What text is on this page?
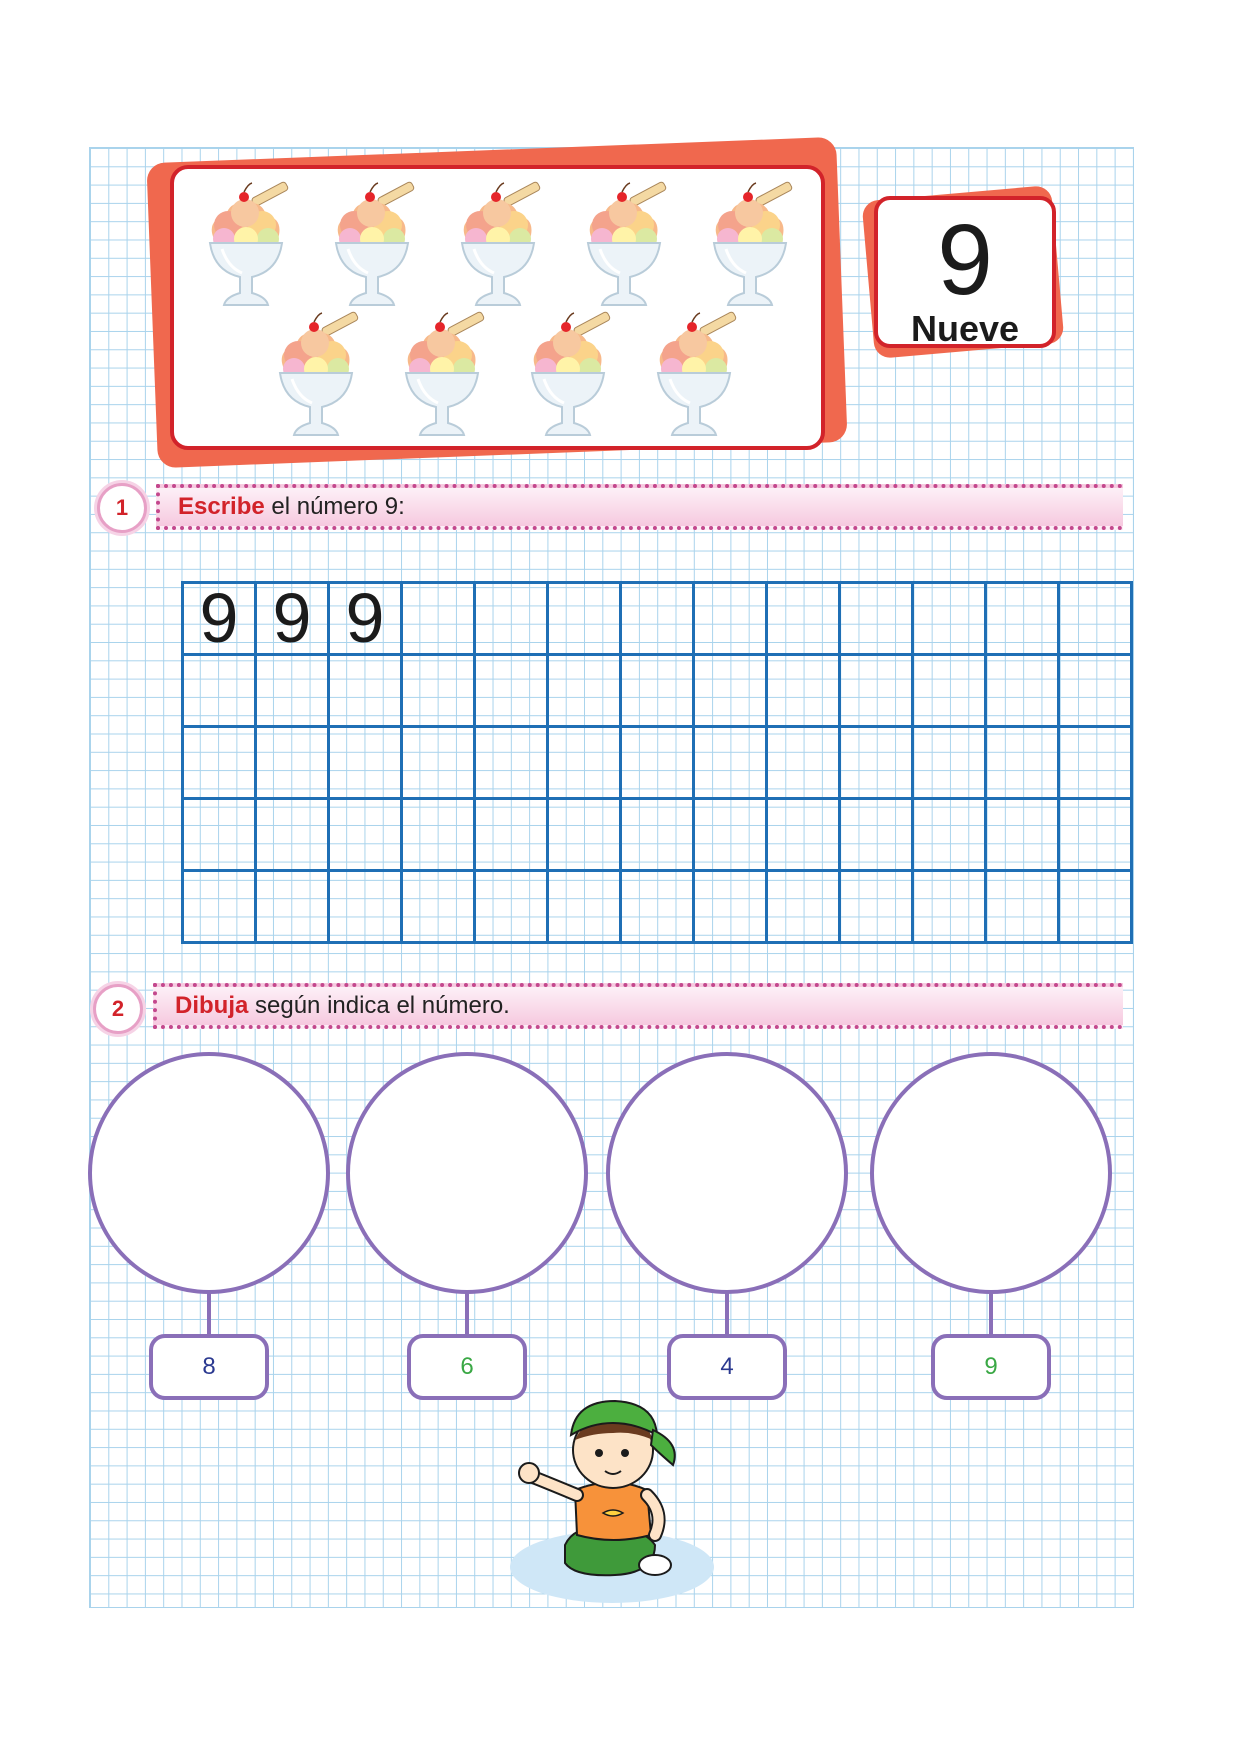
9
Nueve
1	Escribe el número 9:
9	9	9										

2	Dibuja según indica el número.
8	6	4	9
